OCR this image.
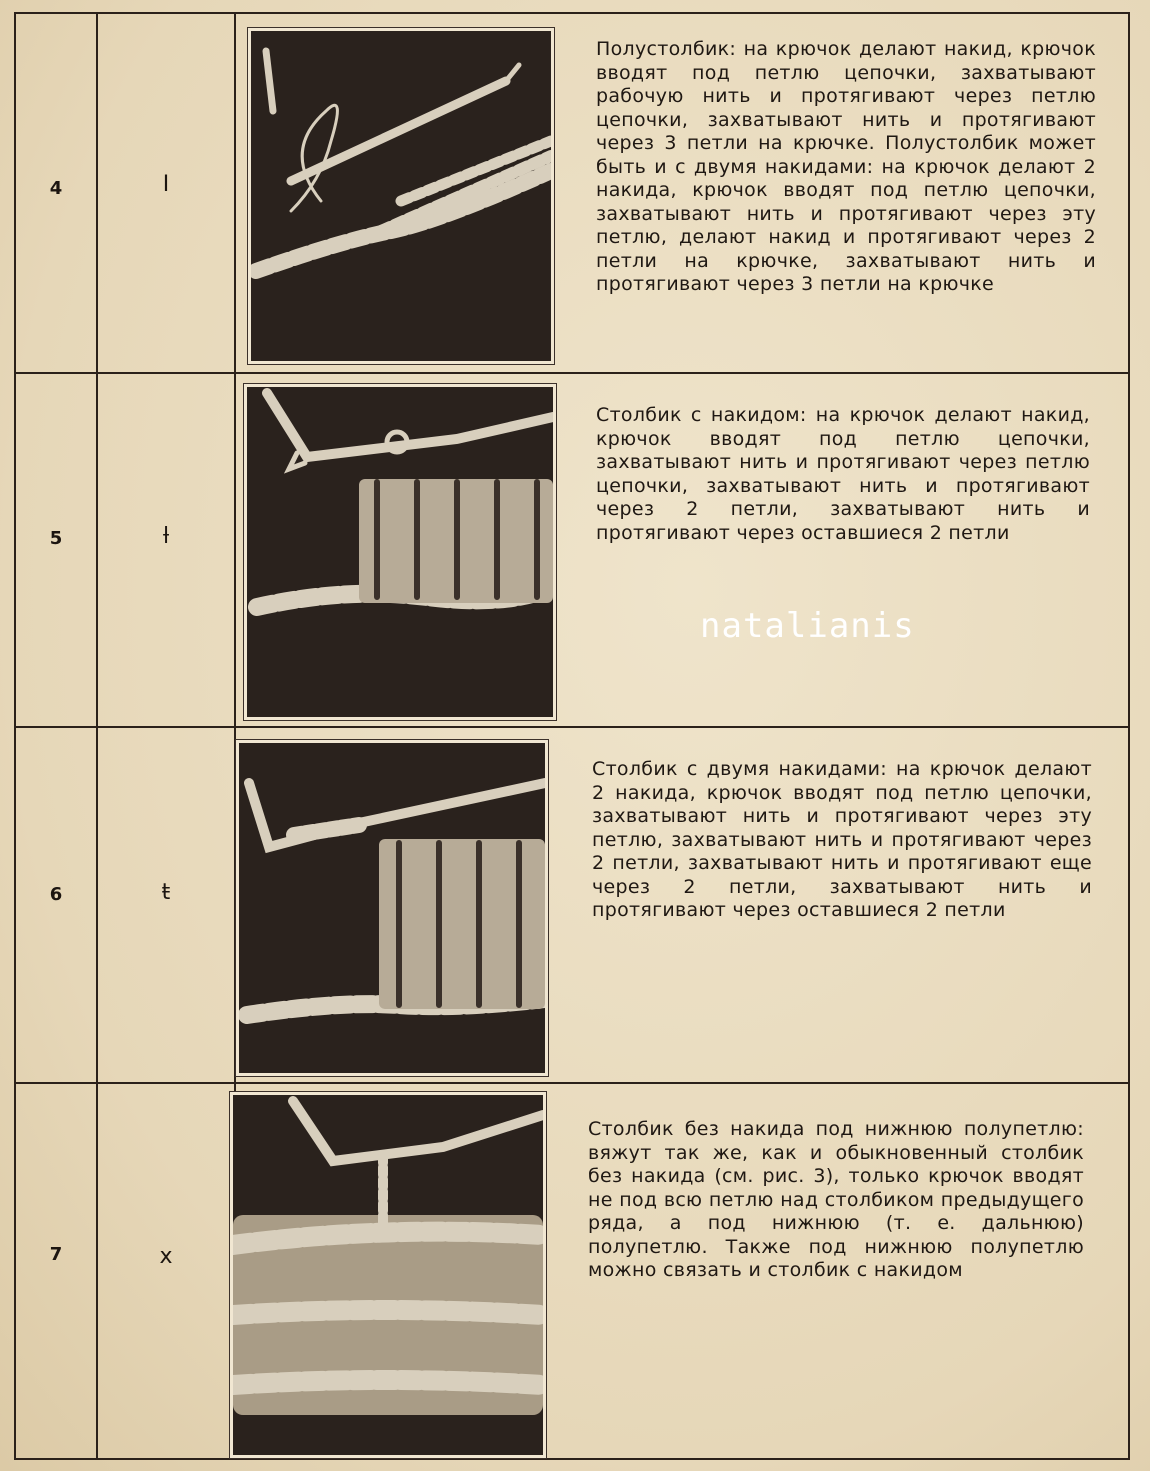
4	I
Полустолбик: на крючок делают накид, крючок вводят под петлю цепочки, захватывают рабочую нить и протягивают через петлю цепочки, захватывают нить и протягивают через 3 петли на крючке. Полустолбик может быть и с двумя накидами: на крючок делают 2 накида, крючок вводят под петлю цепочки, захватывают нить и протягивают через эту петлю, делают накид и протягивают через 2 петли на крючке, захватывают нить и протягивают через 3 петли на крючке
5	ƚ
Столбик с накидом: на крючок делают накид, крючок вводят под петлю цепочки, захватывают нить и протягивают через петлю цепочки, захватывают нить и протягивают через 2 петли, захватывают нить и протягивают через оставшиеся 2 петли
6	ŧ
Столбик с двумя накидами: на крючок делают 2 накида, крючок вводят под петлю цепочки, захватывают нить и протягивают через эту петлю, захватывают нить и протягивают через 2 петли, захватывают нить и протягивают еще через 2 петли, захватывают нить и протягивают через оставшиеся 2 петли
7	x
Столбик без накида под нижнюю полупетлю: вяжут так же, как и обыкновенный столбик без накида (см. рис. 3), только крючок вводят не под всю петлю над столбиком предыдущего ряда, а под нижнюю (т. е. дальнюю) полупетлю. Также под нижнюю полупетлю можно связать и столбик с накидом
natalianis
